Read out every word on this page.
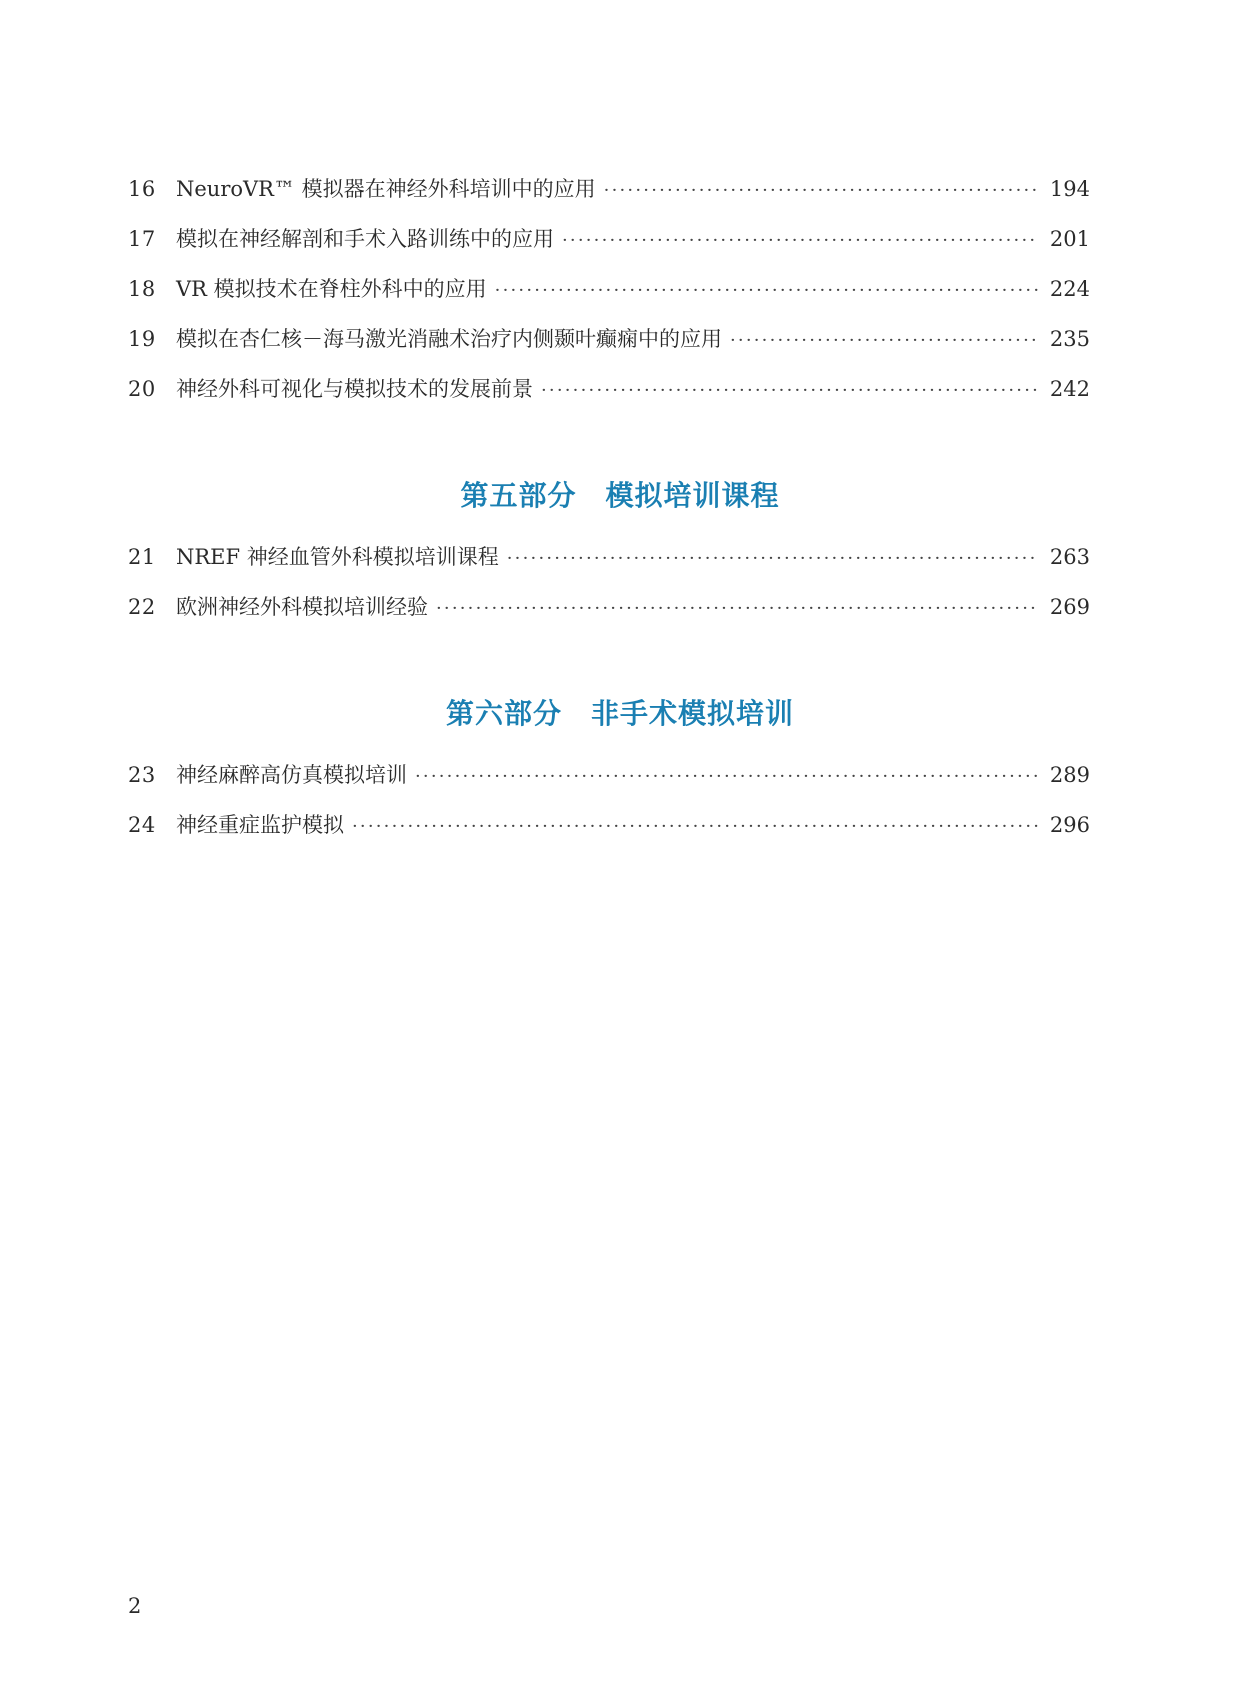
16 NeuroVR™ 模拟器在神经外科培训中的应用 ·····	194
17 模拟在神经解剖和手术入路训练中的应用 ·····	201
18 VR 模拟技术在脊柱外科中的应用 ·····	224
19 模拟在杏仁核－海马激光消融术治疗内侧颞叶癫痫中的应用 ·····	235
20 神经外科可视化与模拟技术的发展前景 ·····	242
第五部分　模拟培训课程
21 NREF 神经血管外科模拟培训课程 ·····	263
22 欧洲神经外科模拟培训经验 ·····	269
第六部分　非手术模拟培训
23 神经麻醉高仿真模拟培训 ·····	289
24 神经重症监护模拟 ·····	296
2
